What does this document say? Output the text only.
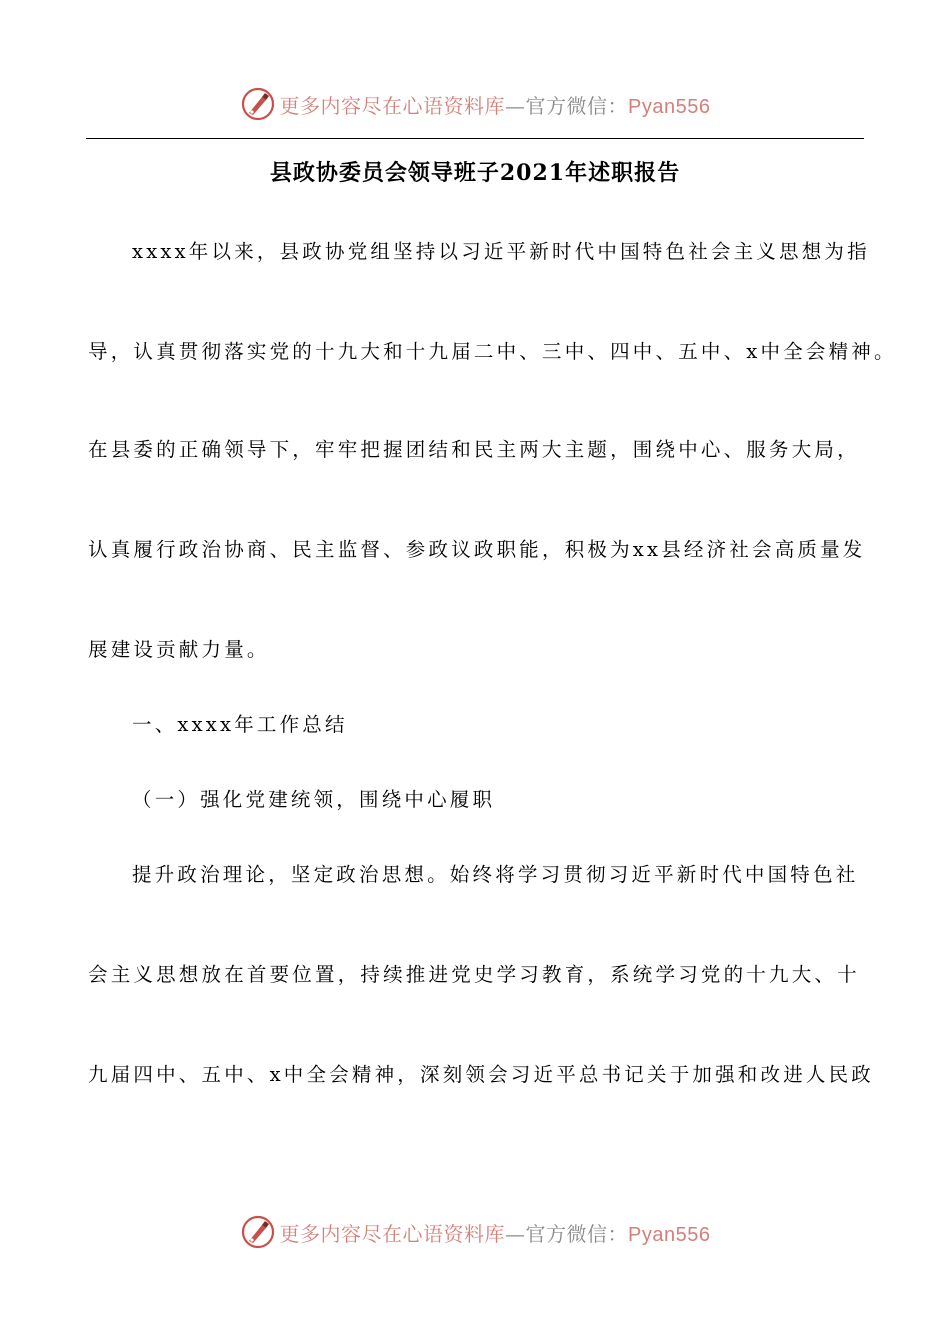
更多内容尽在心语资料库—官方微信：Pyan556
县政协委员会领导班子2021年述职报告
xxxx年以来，县政协党组坚持以习近平新时代中国特色社会主义思想为指
导，认真贯彻落实党的十九大和十九届二中、三中、四中、五中、x中全会精神。
在县委的正确领导下，牢牢把握团结和民主两大主题，围绕中心、服务大局，
认真履行政治协商、民主监督、参政议政职能，积极为xx县经济社会高质量发
展建设贡献力量。
一、xxxx年工作总结
（一）强化党建统领，围绕中心履职
提升政治理论，坚定政治思想。始终将学习贯彻习近平新时代中国特色社
会主义思想放在首要位置，持续推进党史学习教育，系统学习党的十九大、十
九届四中、五中、x中全会精神，深刻领会习近平总书记关于加强和改进人民政
更多内容尽在心语资料库—官方微信：Pyan556
